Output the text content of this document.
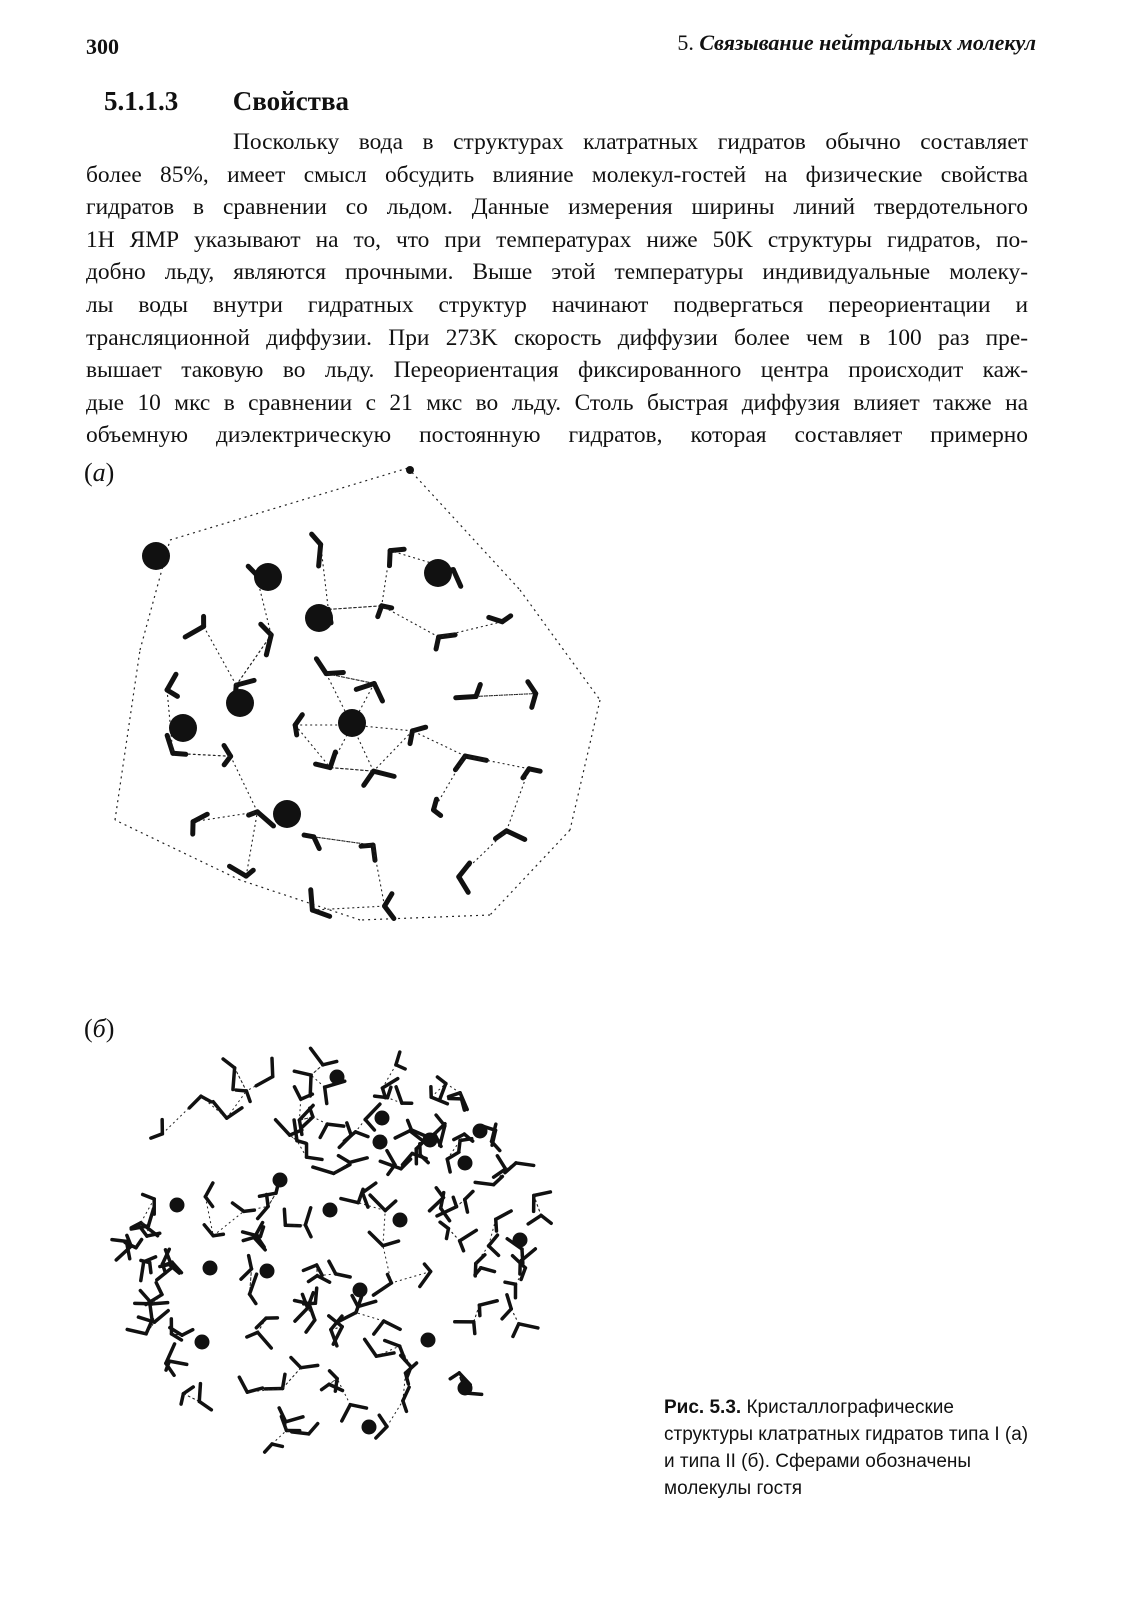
300	5. Связывание нейтральных молекул
5.1.1.3 Свойства
Поскольку вода в структурах клатратных гидратов обычно составляет
более 85%, имеет смысл обсудить влияние молекул-гостей на физические свойства
гидратов в сравнении со льдом. Данные измерения ширины линий твердотельного
1H ЯМР указывают на то, что при температурах ниже 50K структуры гидратов, по-
добно льду, являются прочными. Выше этой температуры индивидуальные молеку-
лы воды внутри гидратных структур начинают подвергаться переориентации и
трансляционной диффузии. При 273K скорость диффузии более чем в 100 раз пре-
вышает таковую во льду. Переориентация фиксированного центра происходит каж-
дые 10 мкс в сравнении с 21 мкс во льду. Столь быстрая диффузия влияет также на
объемную диэлектрическую постоянную гидратов, которая составляет примерно
(а)
(б)
Рис. 5.3. Кристаллографические структуры клатратных гидратов типа I (а) и типа II (б). Сферами обозначены молекулы гостя
